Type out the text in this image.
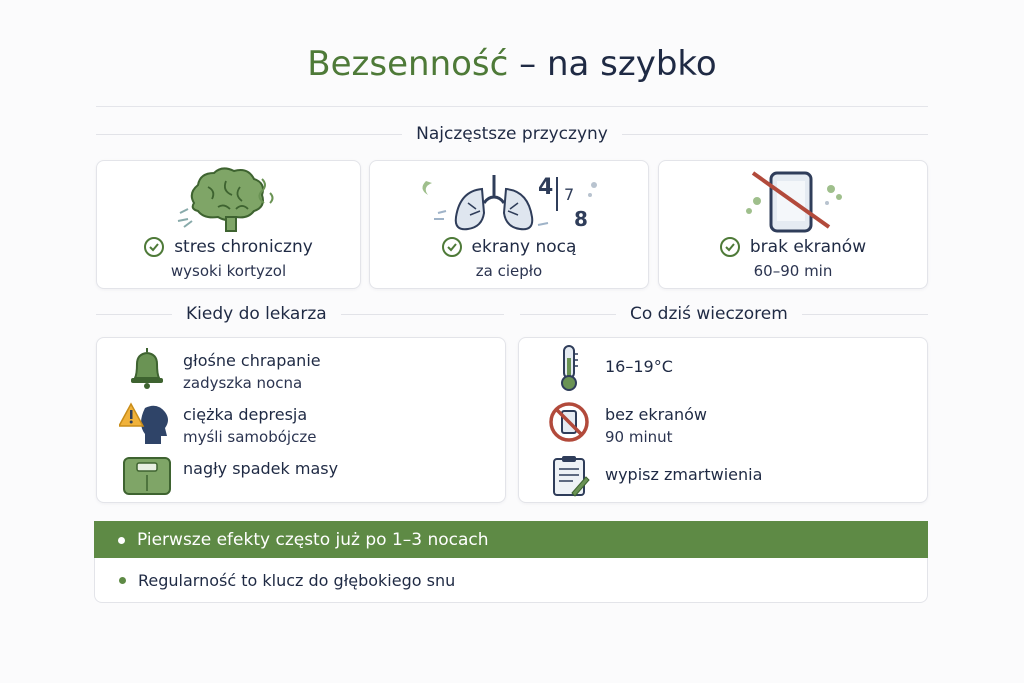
Bezsenność – na szybko
Najczęstsze przyczyny
stres chroniczny
wysoki kortyzol
4 7
8
ekrany nocą
za ciepło
brak ekranów
60–90 min
Kiedy do lekarza	Co dziś wieczorem
głośne chrapanie
zadyszka nocna
ciężka depresja
myśli samobójcze
nagły spadek masy
16–19°C
bez ekranów
90 minut
wypisz zmartwienia
Pierwsze efekty często już po 1–3 nocach
Regularność to klucz do głębokiego snu
